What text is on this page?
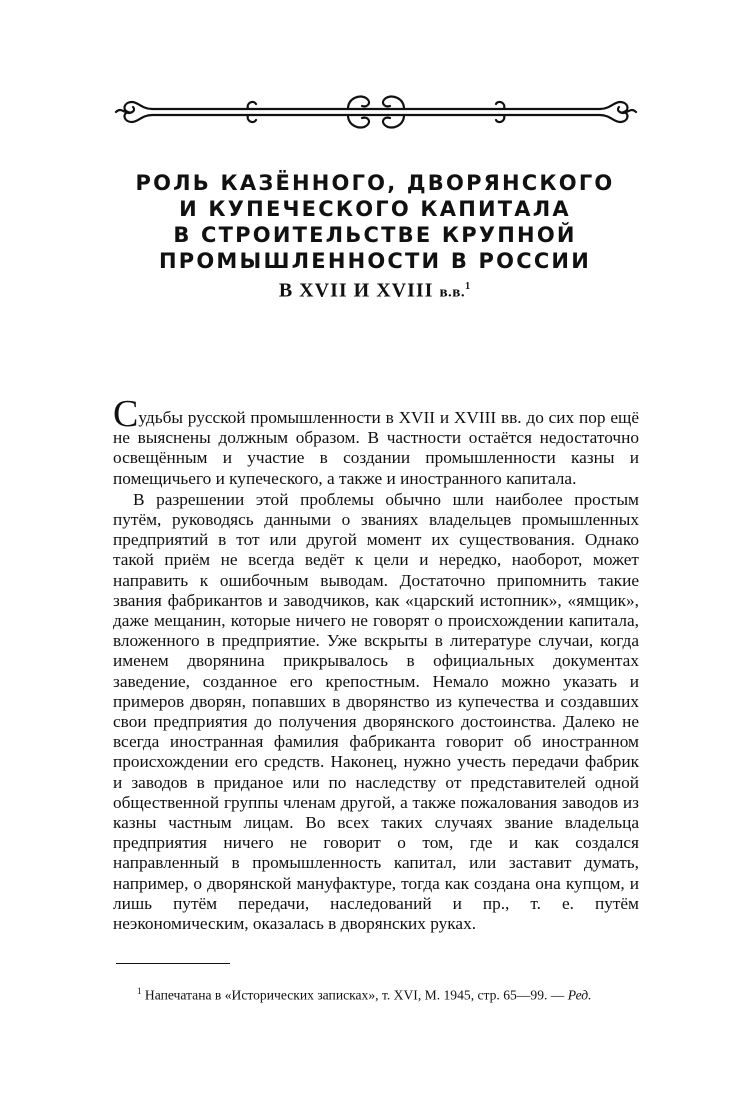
РОЛЬ КАЗЁННОГО, ДВОРЯНСКОГО
И КУПЕЧЕСКОГО КАПИТАЛА
В СТРОИТЕЛЬСТВЕ КРУПНОЙ
ПРОМЫШЛЕННОСТИ В РОССИИ
В XVII И XVIII в.в.$^1$

Судьбы русской промышленности в XVII и XVIII вв. до сих пор ещё не выяснены должным образом. В частности остаётся недостаточно освещённым и участие в создании промышленности казны и помещичьего и купеческого, а также и иностранного капитала.

В разрешении этой проблемы обычно шли наиболее простым путём, руководясь данными о званиях владельцев промышленных предприятий в тот или другой момент их существования. Однако такой приём не всегда ведёт к цели и нередко, наоборот, может направить к ошибочным выводам. Достаточно припомнить такие звания фабрикантов и заводчиков, как «царский истопник», «ямщик», даже мещанин, которые ничего не говорят о происхождении капитала, вложенного в предприятие. Уже вскрыты в литературе случаи, когда именем дворянина прикрывалось в официальных документах заведение, созданное его крепостным. Немало можно указать и примеров дворян, попавших в дворянство из купечества и создавших свои предприятия до получения дворянского достоинства. Далеко не всегда иностранная фамилия фабриканта говорит об иностранном происхождении его средств. Наконец, нужно учесть передачи фабрик и заводов в приданое или по наследству от представителей одной общественной группы членам другой, а также пожалования заводов из казны частным лицам. Во всех таких случаях звание владельца предприятия ничего не говорит о том, где и как создался направленный в промышленность капитал, или заставит думать, например, о дворянской мануфактуре, тогда как создана она купцом, и лишь путём передачи, наследований и пр., т. е. путём неэкономическим, оказалась в дворянских руках.

$^1$ Напечатана в «Исторических записках», т. XVI, М. 1945, стр. 65—99. — Ред.
